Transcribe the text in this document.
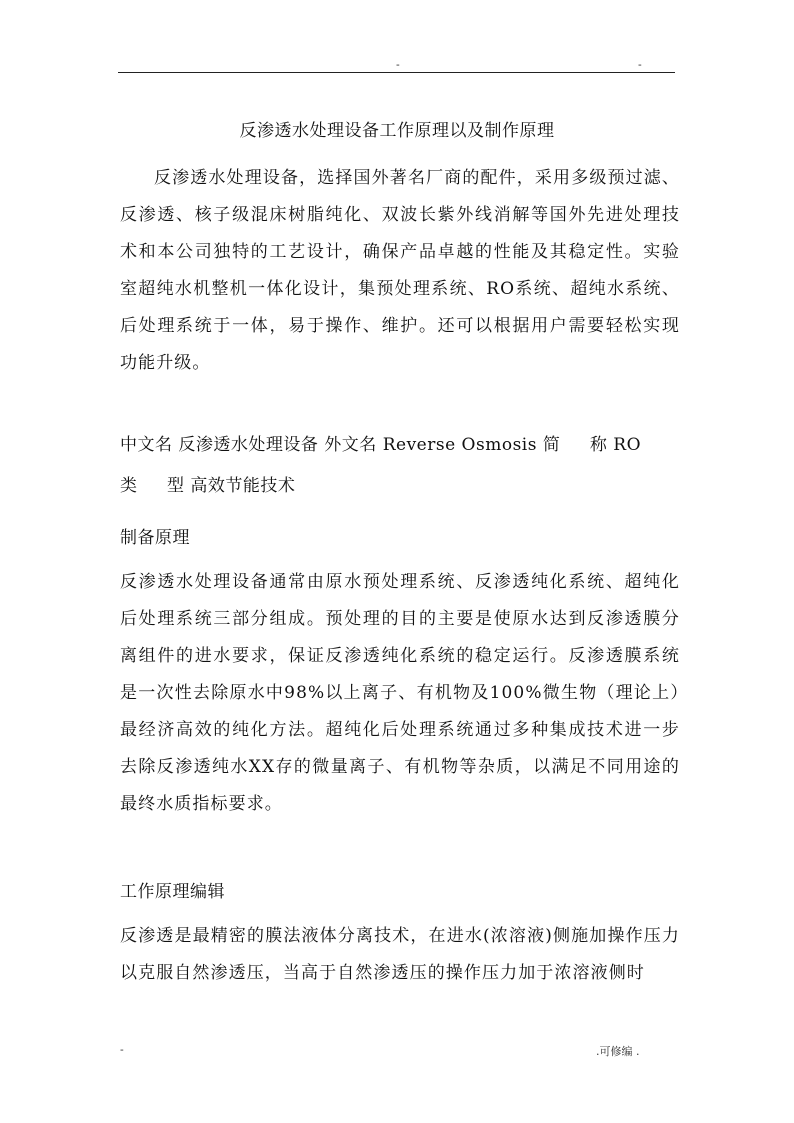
-	-
反渗透水处理设备工作原理以及制作原理

反渗透水处理设备，选择国外著名厂商的配件，采用多级预过滤、反渗透、核子级混床树脂纯化、双波长紫外线消解等国外先进处理技术和本公司独特的工艺设计，确保产品卓越的性能及其稳定性。实验室超纯水机整机一体化设计，集预处理系统、RO系统、超纯水系统、后处理系统于一体，易于操作、维护。还可以根据用户需要轻松实现功能升级。

中文名 反渗透水处理设备 外文名 Reverse Osmosis 简     称 RO
类     型 高效节能技术
制备原理

反渗透水处理设备通常由原水预处理系统、反渗透纯化系统、超纯化后处理系统三部分组成。预处理的目的主要是使原水达到反渗透膜分离组件的进水要求，保证反渗透纯化系统的稳定运行。反渗透膜系统是一次性去除原水中98%以上离子、有机物及100%微生物（理论上）最经济高效的纯化方法。超纯化后处理系统通过多种集成技术进一步去除反渗透纯水XX存的微量离子、有机物等杂质，以满足不同用途的最终水质指标要求。

工作原理编辑

反渗透是最精密的膜法液体分离技术，在进水(浓溶液)侧施加操作压力以克服自然渗透压，当高于自然渗透压的操作压力加于浓溶液侧时

-	.可修编 .
